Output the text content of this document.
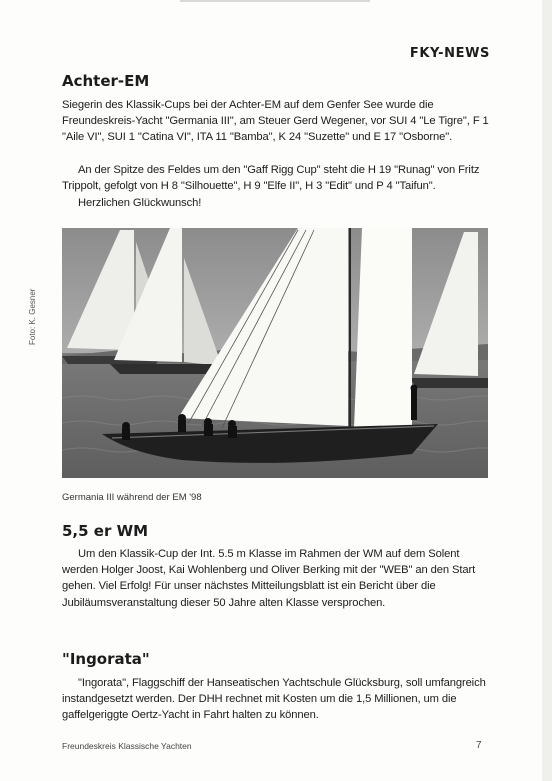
FKY-NEWS
Achter-EM

Siegerin des Klassik-Cups bei der Achter-EM auf dem Genfer See wurde die Freundeskreis-Yacht "Germania III", am Steuer Gerd Wegener, vor SUI 4 "Le Tigre", F 1 "Aile VI", SUI 1 "Catina VI", ITA 11 "Bamba", K 24 "Suzette" und E 17 "Osborne".

An der Spitze des Feldes um den "Gaff Rigg Cup" steht die H 19 "Runag" von Fritz Trippolt, gefolgt von H 8 "Silhouette", H 9 "Elfe II", H 3 "Edit" und P 4 "Taifun".

Herzlichen Glückwunsch!

Foto: K. Gesner
Germania III während der EM '98
5,5 er WM

Um den Klassik-Cup der Int. 5.5 m Klasse im Rahmen der WM auf dem Solent werden Holger Joost, Kai Wohlenberg und Oliver Berking mit der "WEB" an den Start gehen. Viel Erfolg! Für unser nächstes Mitteilungsblatt ist ein Bericht über die Jubiläumsveranstaltung dieser 50 Jahre alten Klasse versprochen.

"Ingorata"

"Ingorata", Flaggschiff der Hanseatischen Yachtschule Glücksburg, soll umfangreich instandgesetzt werden. Der DHH rechnet mit Kosten um die 1,5 Millionen, um die gaffelgeriggte Oertz-Yacht in Fahrt halten zu können.

Freundeskreis Klassische Yachten	7
